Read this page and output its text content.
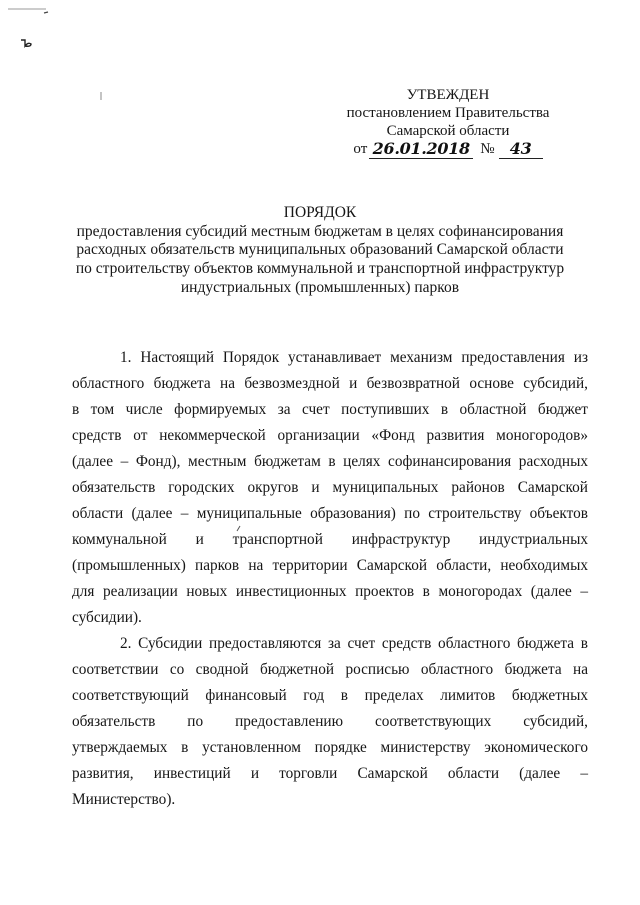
УТВЕЖДЕН
постановлением Правительства
Самарской области
от 26.01.2018 № 43
ПОРЯДОК
предоставления субсидий местным бюджетам в целях софинансирования
расходных обязательств муниципальных образований Самарской области
по строительству объектов коммунальной и транспортной инфраструктур
индустриальных (промышленных) парков
1. Настоящий Порядок устанавливает механизм предоставления из
областного бюджета на безвозмездной и безвозвратной основе субсидий,
в том числе формируемых за счет поступивших в областной бюджет
средств от некоммерческой организации «Фонд развития моногородов»
(далее – Фонд), местным бюджетам в целях софинансирования расходных
обязательств городских округов и муниципальных районов Самарской
области (далее – муниципальные образования) по строительству объектов
коммунальной и транспортной инфраструктур индустриальных
(промышленных) парков на территории Самарской области, необходимых
для реализации новых инвестиционных проектов в моногородах (далее –
субсидии).
2. Субсидии предоставляются за счет средств областного бюджета в
соответствии со сводной бюджетной росписью областного бюджета на
соответствующий финансовый год в пределах лимитов бюджетных
обязательств по предоставлению соответствующих субсидий,
утверждаемых в установленном порядке министерству экономического
развития, инвестиций и торговли Самарской области (далее –
Министерство).
